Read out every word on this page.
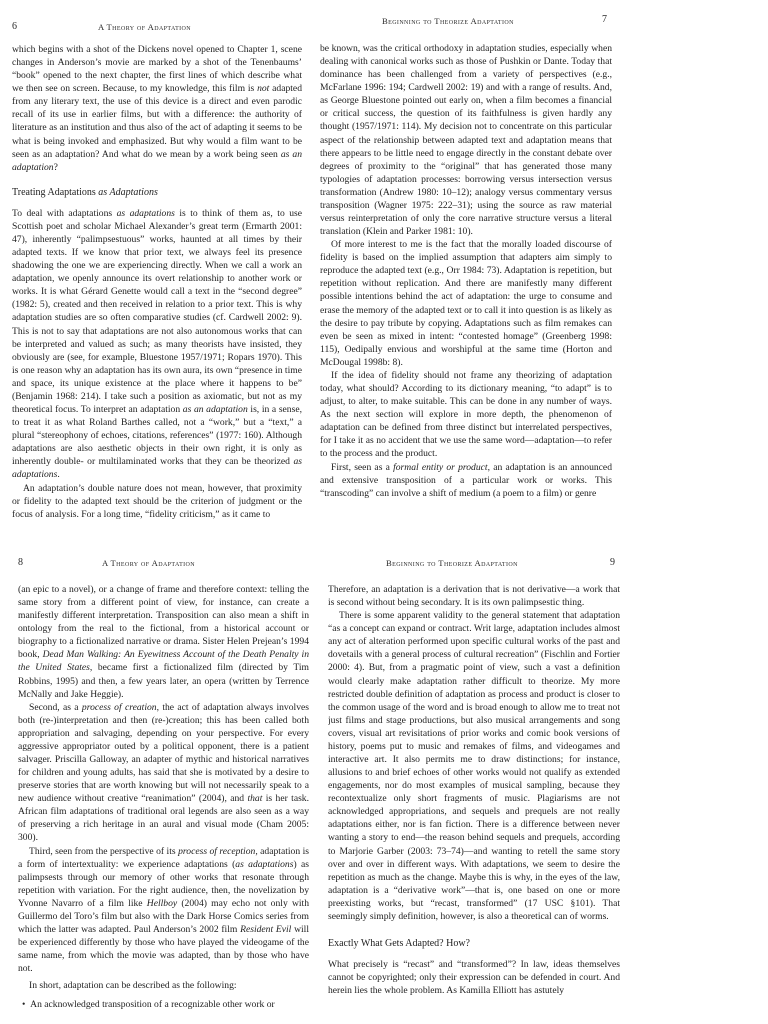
6	A Theory of Adaptation

which begins with a shot of the Dickens novel opened to Chapter 1, scene changes in Anderson’s movie are marked by a shot of the Tenenbaums’ “book” opened to the next chapter, the first lines of which describe what we then see on screen. Because, to my knowledge, this film is not adapted from any literary text, the use of this device is a direct and even parodic recall of its use in earlier films, but with a difference: the authority of literature as an institution and thus also of the act of adapting it seems to be what is being invoked and emphasized. But why would a film want to be seen as an adaptation? And what do we mean by a work being seen as an adaptation?

Treating Adaptations as Adaptations

To deal with adaptations as adaptations is to think of them as, to use Scottish poet and scholar Michael Alexander’s great term (Ermarth 2001: 47), inherently “palimpsestuous” works, haunted at all times by their adapted texts. If we know that prior text, we always feel its presence shadowing the one we are experiencing directly. When we call a work an adaptation, we openly announce its overt relationship to another work or works. It is what Gérard Genette would call a text in the “second degree” (1982: 5), created and then received in relation to a prior text. This is why adaptation studies are so often comparative studies (cf. Cardwell 2002: 9). This is not to say that adaptations are not also autonomous works that can be interpreted and valued as such; as many theorists have insisted, they obviously are (see, for example, Bluestone 1957/1971; Ropars 1970). This is one reason why an adaptation has its own aura, its own “presence in time and space, its unique existence at the place where it happens to be” (Benjamin 1968: 214). I take such a position as axiomatic, but not as my theoretical focus. To interpret an adaptation as an adaptation is, in a sense, to treat it as what Roland Barthes called, not a “work,” but a “text,” a plural “stereophony of echoes, citations, references” (1977: 160). Although adaptations are also aesthetic objects in their own right, it is only as inherently double- or multilaminated works that they can be theorized as adaptations.

An adaptation’s double nature does not mean, however, that proximity or fidelity to the adapted text should be the criterion of judgment or the focus of analysis. For a long time, “fidelity criticism,” as it came to

Beginning to Theorize Adaptation	7

be known, was the critical orthodoxy in adaptation studies, especially when dealing with canonical works such as those of Pushkin or Dante. Today that dominance has been challenged from a variety of perspectives (e.g., McFarlane 1996: 194; Cardwell 2002: 19) and with a range of results. And, as George Bluestone pointed out early on, when a film becomes a financial or critical success, the question of its faithfulness is given hardly any thought (1957/1971: 114). My decision not to concentrate on this particular aspect of the relationship between adapted text and adaptation means that there appears to be little need to engage directly in the constant debate over degrees of proximity to the “original” that has generated those many typologies of adaptation processes: borrowing versus intersection versus transformation (Andrew 1980: 10–12); analogy versus commentary versus transposition (Wagner 1975: 222–31); using the source as raw material versus reinterpretation of only the core narrative structure versus a literal translation (Klein and Parker 1981: 10).

Of more interest to me is the fact that the morally loaded discourse of fidelity is based on the implied assumption that adapters aim simply to reproduce the adapted text (e.g., Orr 1984: 73). Adaptation is repetition, but repetition without replication. And there are manifestly many different possible intentions behind the act of adaptation: the urge to consume and erase the memory of the adapted text or to call it into question is as likely as the desire to pay tribute by copying. Adaptations such as film remakes can even be seen as mixed in intent: “contested homage” (Greenberg 1998: 115), Oedipally envious and worshipful at the same time (Horton and McDougal 1998b: 8).

If the idea of fidelity should not frame any theorizing of adaptation today, what should? According to its dictionary meaning, “to adapt” is to adjust, to alter, to make suitable. This can be done in any number of ways. As the next section will explore in more depth, the phenomenon of adaptation can be defined from three distinct but interrelated perspectives, for I take it as no accident that we use the same word—adaptation—to refer to the process and the product.

First, seen as a formal entity or product, an adaptation is an announced and extensive transposition of a particular work or works. This “transcoding” can involve a shift of medium (a poem to a film) or genre

8	A Theory of Adaptation

(an epic to a novel), or a change of frame and therefore context: telling the same story from a different point of view, for instance, can create a manifestly different interpretation. Transposition can also mean a shift in ontology from the real to the fictional, from a historical account or biography to a fictionalized narrative or drama. Sister Helen Prejean’s 1994 book, Dead Man Walking: An Eyewitness Account of the Death Penalty in the United States, became first a fictionalized film (directed by Tim Robbins, 1995) and then, a few years later, an opera (written by Terrence McNally and Jake Heggie).

Second, as a process of creation, the act of adaptation always involves both (re-)interpretation and then (re-)creation; this has been called both appropriation and salvaging, depending on your perspective. For every aggressive appropriator outed by a political opponent, there is a patient salvager. Priscilla Galloway, an adapter of mythic and historical narratives for children and young adults, has said that she is motivated by a desire to preserve stories that are worth knowing but will not necessarily speak to a new audience without creative “reanimation” (2004), and that is her task. African film adaptations of traditional oral legends are also seen as a way of preserving a rich heritage in an aural and visual mode (Cham 2005: 300).

Third, seen from the perspective of its process of reception, adaptation is a form of intertextuality: we experience adaptations (as adaptations) as palimpsests through our memory of other works that resonate through repetition with variation. For the right audience, then, the novelization by Yvonne Navarro of a film like Hellboy (2004) may echo not only with Guillermo del Toro’s film but also with the Dark Horse Comics series from which the latter was adapted. Paul Anderson’s 2002 film Resident Evil will be experienced differently by those who have played the videogame of the same name, from which the movie was adapted, than by those who have not.

In short, adaptation can be described as the following:

•  An acknowledged transposition of a recognizable other work or
Beginning to Theorize Adaptation	9

Therefore, an adaptation is a derivation that is not derivative—a work that is second without being secondary. It is its own palimpsestic thing.

There is some apparent validity to the general statement that adaptation “as a concept can expand or contract. Writ large, adaptation includes almost any act of alteration performed upon specific cultural works of the past and dovetails with a general process of cultural recreation” (Fischlin and Fortier 2000: 4). But, from a pragmatic point of view, such a vast a definition would clearly make adaptation rather difficult to theorize. My more restricted double definition of adaptation as process and product is closer to the common usage of the word and is broad enough to allow me to treat not just films and stage productions, but also musical arrangements and song covers, visual art revisitations of prior works and comic book versions of history, poems put to music and remakes of films, and videogames and interactive art. It also permits me to draw distinctions; for instance, allusions to and brief echoes of other works would not qualify as extended engagements, nor do most examples of musical sampling, because they recontextualize only short fragments of music. Plagiarisms are not acknowledged appropriations, and sequels and prequels are not really adaptations either, nor is fan fiction. There is a difference between never wanting a story to end—the reason behind sequels and prequels, according to Marjorie Garber (2003: 73–74)—and wanting to retell the same story over and over in different ways. With adaptations, we seem to desire the repetition as much as the change. Maybe this is why, in the eyes of the law, adaptation is a “derivative work”—that is, one based on one or more preexisting works, but “recast, transformed” (17 USC §101). That seemingly simply definition, however, is also a theoretical can of worms.

Exactly What Gets Adapted? How?

What precisely is “recast” and “transformed”? In law, ideas themselves cannot be copyrighted; only their expression can be defended in court. And herein lies the whole problem. As Kamilla Elliott has astutely
